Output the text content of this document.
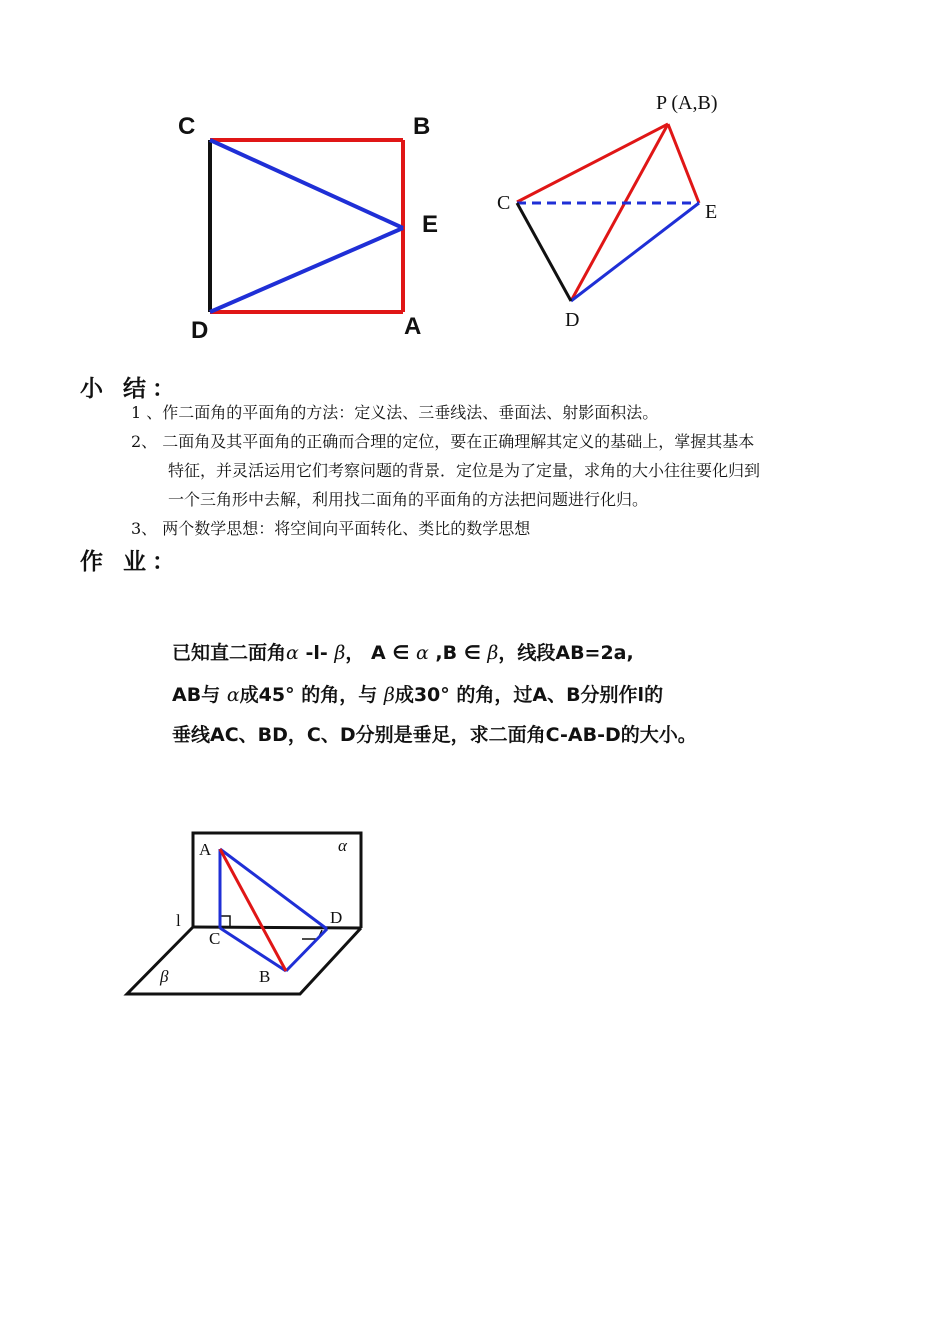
C	B
E
D	A
P (A,B)
C	E
D
小 结：
1 、作二面角的平面角的方法：定义法、三垂线法、垂面法、射影面积法。
2、 二面角及其平面角的正确而合理的定位，要在正确理解其定义的基础上，掌握其基本
特征，并灵活运用它们考察问题的背景．定位是为了定量，求角的大小往往要化归到
一个三角形中去解，利用找二面角的平面角的方法把问题进行化归。
3、 两个数学思想：将空间向平面转化、类比的数学思想
作 业：
已知直二面角α -l- β， A ∈ α ,B ∈ β，线段AB=2a,
AB与 α成45° 的角，与 β成30° 的角，过A、B分别作l的
垂线AC、BD，C、D分别是垂足，求二面角C-AB-D的大小。
A	α
l
C
D
B
β
